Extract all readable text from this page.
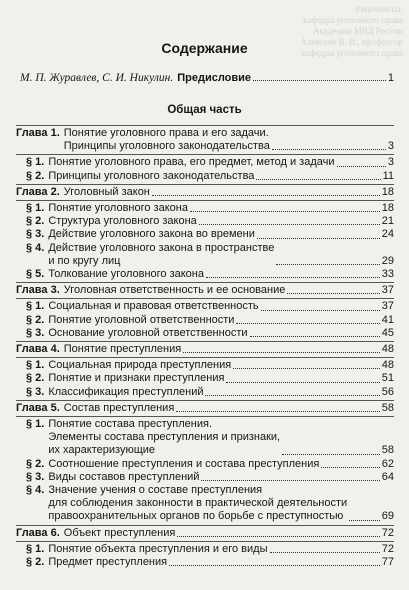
Рецензенты:
кафедра уголовного права
Академии МВД России
Алексеев В. И., профессор
кафедры уголовного права
Содержание
М. П. Журавлев, С. И. Никулин. Предисловие	1
Общая часть
Глава 1. Понятие уголовного права и его задачи.
Принципы уголовного законодательства	3
§ 1. Понятие уголовного права, его предмет, метод и задачи	3
§ 2. Принципы уголовного законодательства	11
Глава 2. Уголовный закон	18
§ 1. Понятие уголовного закона	18
§ 2. Структура уголовного закона	21
§ 3. Действие уголовного закона во времени	24
§ 4. Действие уголовного закона в пространстве
и по кругу лиц	29
§ 5. Толкование уголовного закона	33
Глава 3. Уголовная ответственность и ее основание	37
§ 1. Социальная и правовая ответственность	37
§ 2. Понятие уголовной ответственности	41
§ 3. Основание уголовной ответственности	45
Глава 4. Понятие преступления	48
§ 1. Социальная природа преступления	48
§ 2. Понятие и признаки преступления	51
§ 3. Классификация преступлений	56
Глава 5. Состав преступления	58
§ 1. Понятие состава преступления.
Элементы состава преступления и признаки,
их характеризующие	58
§ 2. Соотношение преступления и состава преступления	62
§ 3. Виды составов преступлений	64
§ 4. Значение учения о составе преступления
для соблюдения законности в практической деятельности
правоохранительных органов по борьбе с преступностью	69
Глава 6. Объект преступления	72
§ 1. Понятие объекта преступления и его виды	72
§ 2. Предмет преступления	77
